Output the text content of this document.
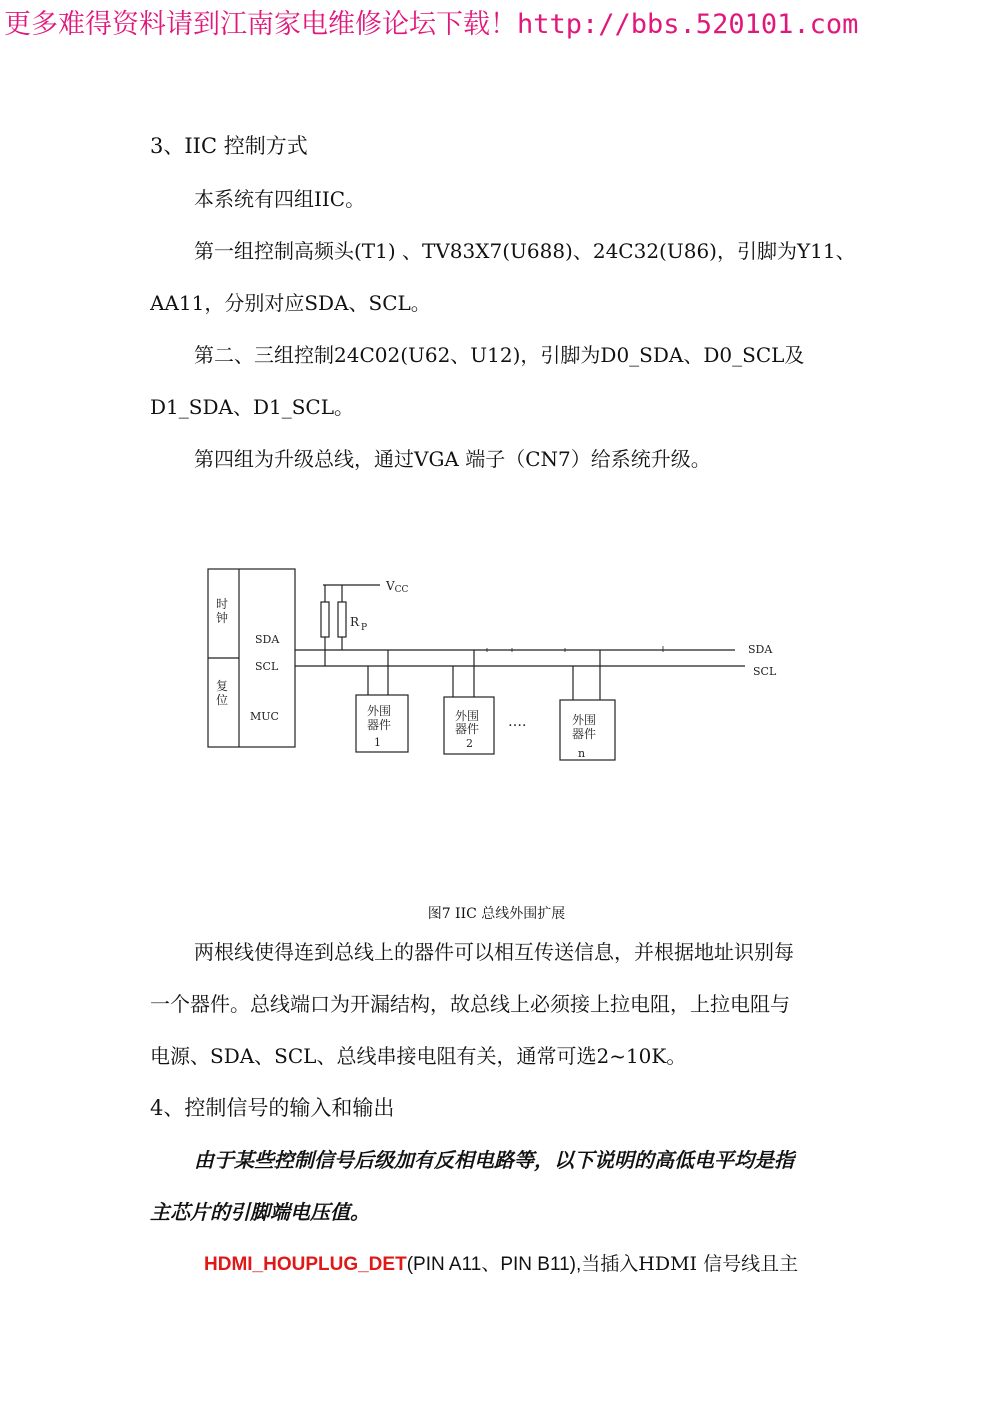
更多难得资料请到江南家电维修论坛下载！http://bbs.520101.com
3、IIC 控制方式
本系统有四组IIC。
第一组控制高频头(T1) 、TV83X7(U688)、24C32(U86)，引脚为Y11、
AA11，分别对应SDA、SCL。
第二、三组控制24C02(U62、U12)，引脚为D0_SDA、D0_SCL及
D1_SDA、D1_SCL。
第四组为升级总线，通过VGA 端子（CN7）给系统升级。
时
钟
复
位
SDA
SCL
MUC
VCC
R $_P$
SDA
SCL
….
外围
器件
1
外围
器件
2
外围
器件
n
图7 IIC 总线外围扩展
两根线使得连到总线上的器件可以相互传送信息，并根据地址识别每
一个器件。总线端口为开漏结构，故总线上必须接上拉电阻，上拉电阻与
电源、SDA、SCL、总线串接电阻有关，通常可选2~10K。
4、控制信号的输入和输出
由于某些控制信号后级加有反相电路等，以下说明的高低电平均是指
主芯片的引脚端电压值。
HDMI_HOUPLUG_DET(PIN A11、PIN B11),当插入HDMI 信号线且主
